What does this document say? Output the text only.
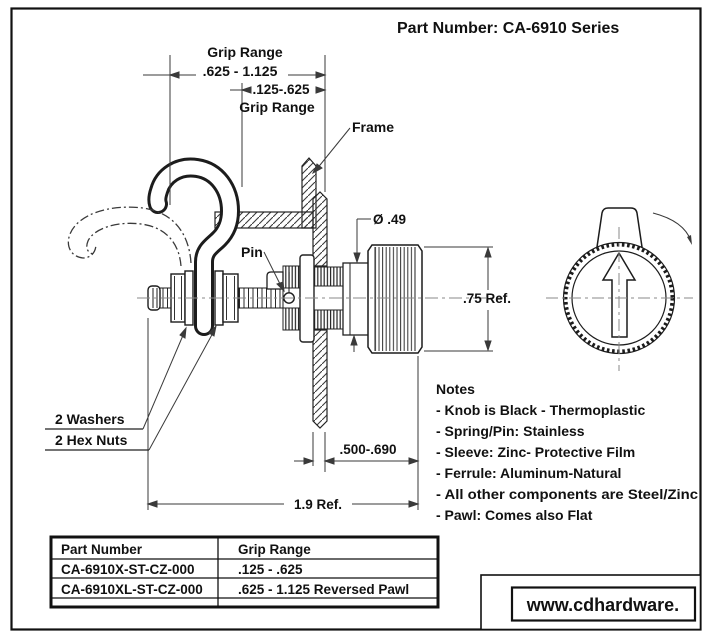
Part Number: CA-6910 Series
Grip Range
.625 - 1.125
.125-.625
Grip Range
Frame
Pin
Ø .49
.75 Ref.
2 Washers
2 Hex Nuts
.500-.690
1.9 Ref.
Notes
- Knob is Black - Thermoplastic
- Spring/Pin: Stainless
- Sleeve: Zinc- Protective Film
- Ferrule: Aluminum-Natural
- All other components are Steel/Zinc
- Pawl: Comes also Flat
Part Number	Grip Range
CA-6910X-ST-CZ-000	.125 - .625
CA-6910XL-ST-CZ-000	.625 - 1.125 Reversed Pawl
www.cdhardware.
